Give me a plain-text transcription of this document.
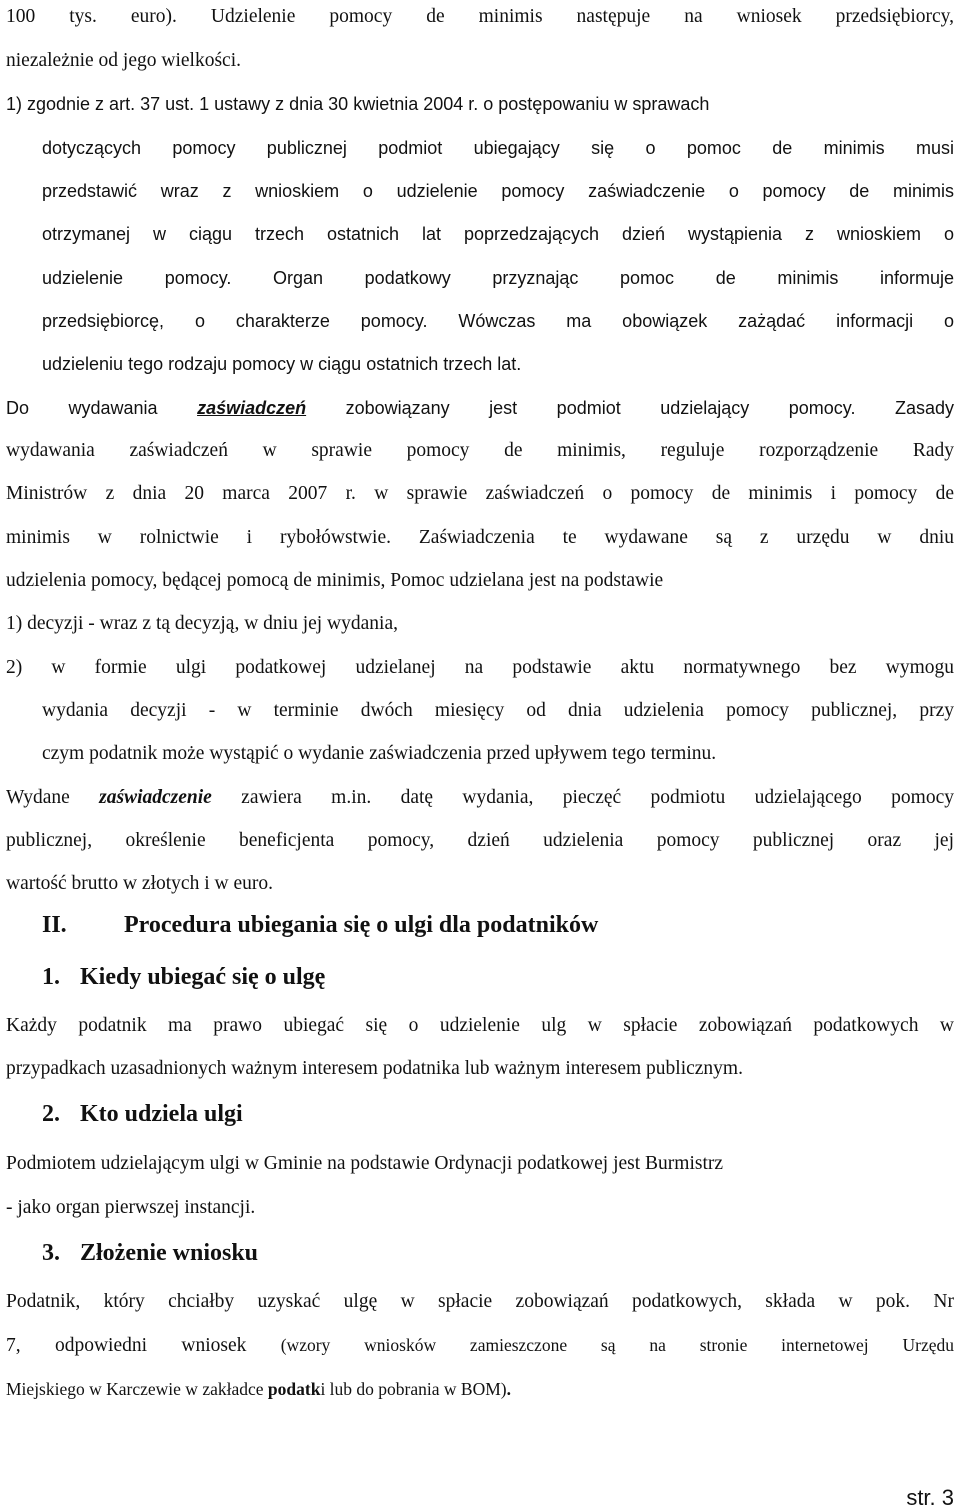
100 tys. euro). Udzielenie pomocy de minimis następuje na wniosek przedsiębiorcy,
niezależnie od jego wielkości.
1) zgodnie z art. 37 ust. 1 ustawy z dnia 30 kwietnia 2004 r. o postępowaniu w sprawach
dotyczących pomocy publicznej podmiot ubiegający się o pomoc de minimis musi
przedstawić wraz z wnioskiem o udzielenie pomocy zaświadczenie o pomocy de minimis
otrzymanej w ciągu trzech ostatnich lat poprzedzających dzień wystąpienia z wnioskiem o
udzielenie pomocy. Organ podatkowy przyznając pomoc de minimis informuje
przedsiębiorcę, o charakterze pomocy. Wówczas ma obowiązek zażądać informacji o
udzieleniu tego rodzaju pomocy w ciągu ostatnich trzech lat.
Do wydawania zaświadczeń zobowiązany jest podmiot udzielający pomocy. Zasady
wydawania zaświadczeń w sprawie pomocy de minimis, reguluje rozporządzenie Rady
Ministrów z dnia 20 marca 2007 r. w sprawie zaświadczeń o pomocy de minimis i pomocy de
minimis w rolnictwie i rybołówstwie. Zaświadczenia te wydawane są z urzędu w dniu
udzielenia pomocy, będącej pomocą de minimis, Pomoc udzielana jest na podstawie
1) decyzji - wraz z tą decyzją, w dniu jej wydania,
2) w formie ulgi podatkowej udzielanej na podstawie aktu normatywnego bez wymogu
wydania decyzji - w terminie dwóch miesięcy od dnia udzielenia pomocy publicznej, przy
czym podatnik może wystąpić o wydanie zaświadczenia przed upływem tego terminu.
Wydane zaświadczenie zawiera m.in. datę wydania, pieczęć podmiotu udzielającego pomocy
publicznej, określenie beneficjenta pomocy, dzień udzielenia pomocy publicznej oraz jej
wartość brutto w złotych i w euro.
II. Procedura ubiegania się o ulgi dla podatników
1. Kiedy ubiegać się o ulgę
Każdy podatnik ma prawo ubiegać się o udzielenie ulg w spłacie zobowiązań podatkowych w
przypadkach uzasadnionych ważnym interesem podatnika lub ważnym interesem publicznym.
2. Kto udziela ulgi
Podmiotem udzielającym ulgi w Gminie na podstawie Ordynacji podatkowej jest Burmistrz
- jako organ pierwszej instancji.
3. Złożenie wniosku
Podatnik, który chciałby uzyskać ulgę w spłacie zobowiązań podatkowych, składa w pok. Nr
7, odpowiedni wniosek (wzory wniosków zamieszczone są na stronie internetowej Urzędu
Miejskiego w Karczewie w zakładce podatki lub do pobrania w BOM).
str. 3
